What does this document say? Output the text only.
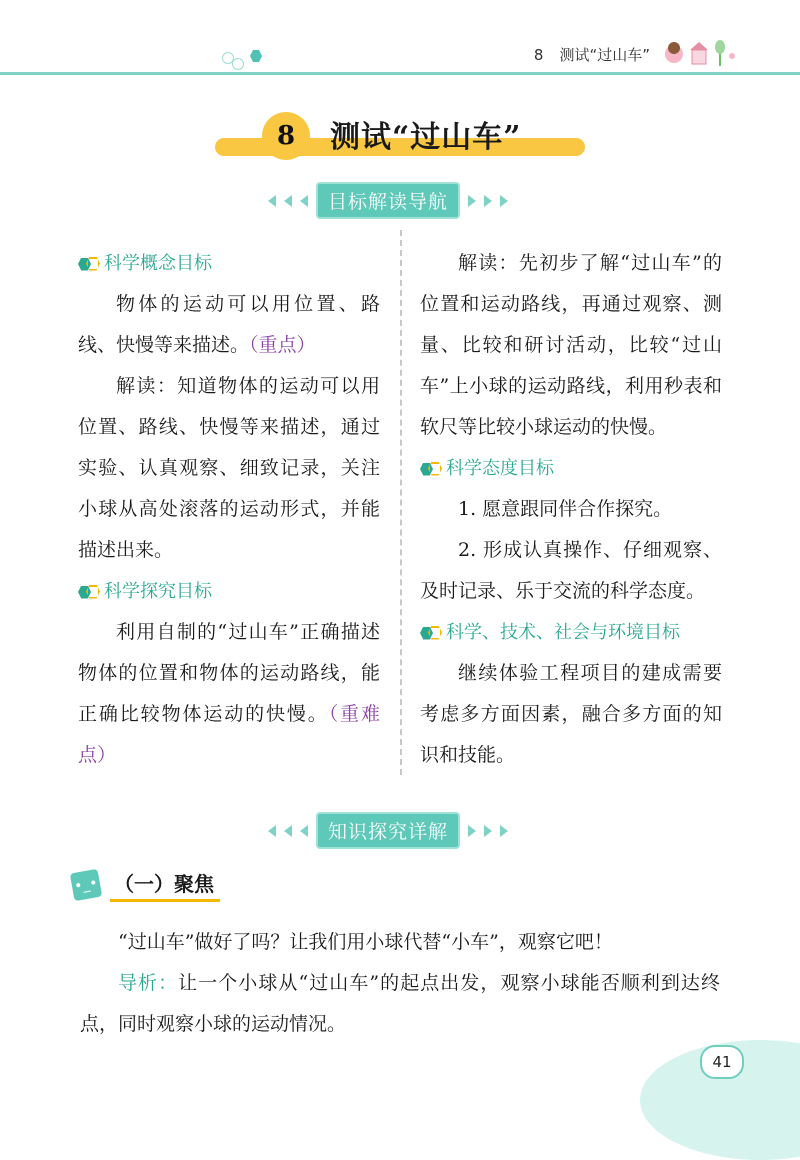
8 测试“过山车”
8	测试“过山车”
目标解读导航
科学概念目标

物体的运动可以用位置、路线、快慢等来描述。（重点）

解读：知道物体的运动可以用位置、路线、快慢等来描述，通过实验、认真观察、细致记录，关注小球从高处滚落的运动形式，并能描述出来。

科学探究目标

利用自制的“过山车”正确描述物体的位置和物体的运动路线，能正确比较物体运动的快慢。（重难点）

解读：先初步了解“过山车”的位置和运动路线，再通过观察、测量、比较和研讨活动，比较“过山车”上小球的运动路线，利用秒表和软尺等比较小球运动的快慢。

科学态度目标

1. 愿意跟同伴合作探究。

2. 形成认真操作、仔细观察、及时记录、乐于交流的科学态度。

科学、技术、社会与环境目标

继续体验工程项目的建成需要考虑多方面因素，融合多方面的知识和技能。

知识探究详解
•_• （一）聚焦

“过山车”做好了吗？让我们用小球代替“小车”，观察它吧！

导析：让一个小球从“过山车”的起点出发，观察小球能否顺利到达终点，同时观察小球的运动情况。

41
